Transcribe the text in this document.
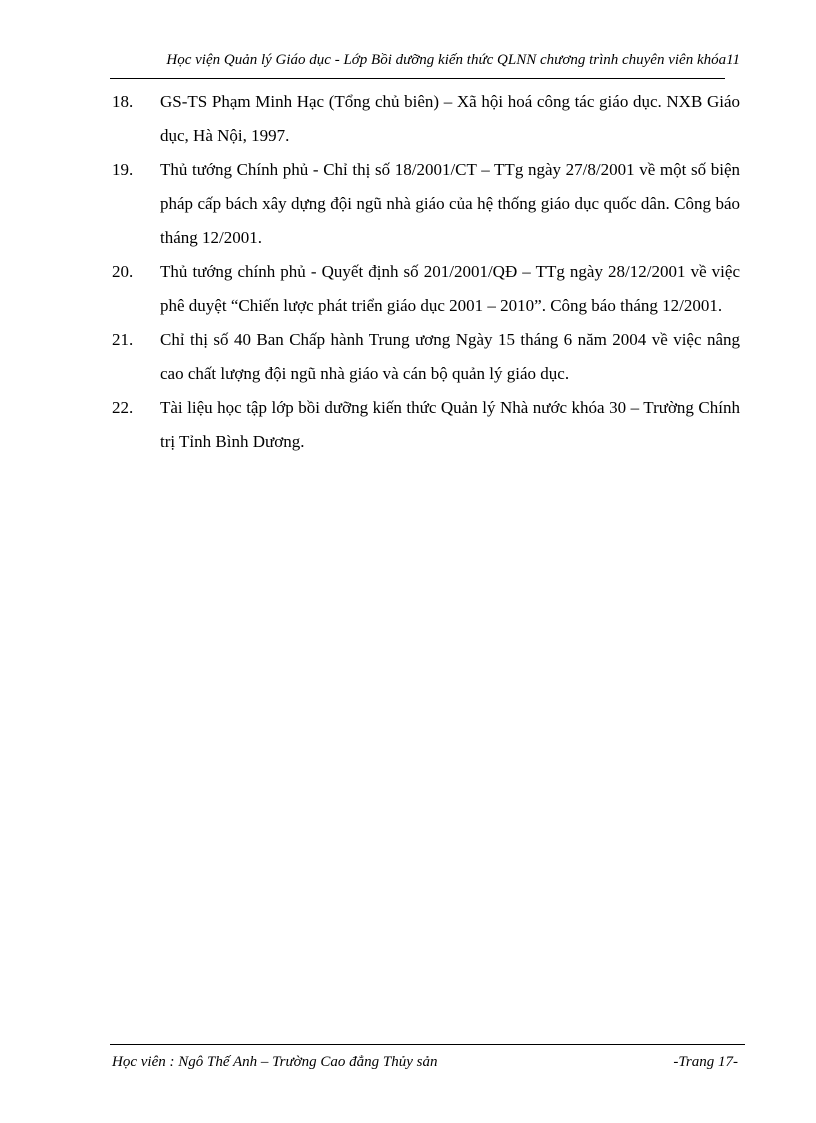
Học viện Quản lý Giáo dục - Lớp Bồi dưỡng kiến thức QLNN chương trình chuyên viên khóa11
18. GS-TS Phạm Minh Hạc (Tổng chủ biên) – Xã hội hoá công tác giáo dục. NXB Giáo dục, Hà Nội, 1997.
19. Thủ tướng Chính phủ - Chỉ thị số 18/2001/CT – TTg ngày 27/8/2001 về một số biện pháp cấp bách xây dựng đội ngũ nhà giáo của hệ thống giáo dục quốc dân. Công báo tháng 12/2001.
20. Thủ tướng chính phủ - Quyết định số 201/2001/QĐ – TTg ngày 28/12/2001 về việc phê duyệt “Chiến lược phát triển giáo dục 2001 – 2010”. Công báo tháng 12/2001.
21. Chỉ thị số 40 Ban Chấp hành Trung ương Ngày 15 tháng 6 năm 2004 về việc nâng cao chất lượng đội ngũ nhà giáo và cán bộ quản lý giáo dục.
22. Tài liệu học tập lớp bồi dưỡng kiến thức Quản lý Nhà nước khóa 30 – Trường Chính trị Tỉnh Bình Dương.
Học viên : Ngô Thế Anh – Trường Cao đẳng Thủy sản	-Trang 17-
